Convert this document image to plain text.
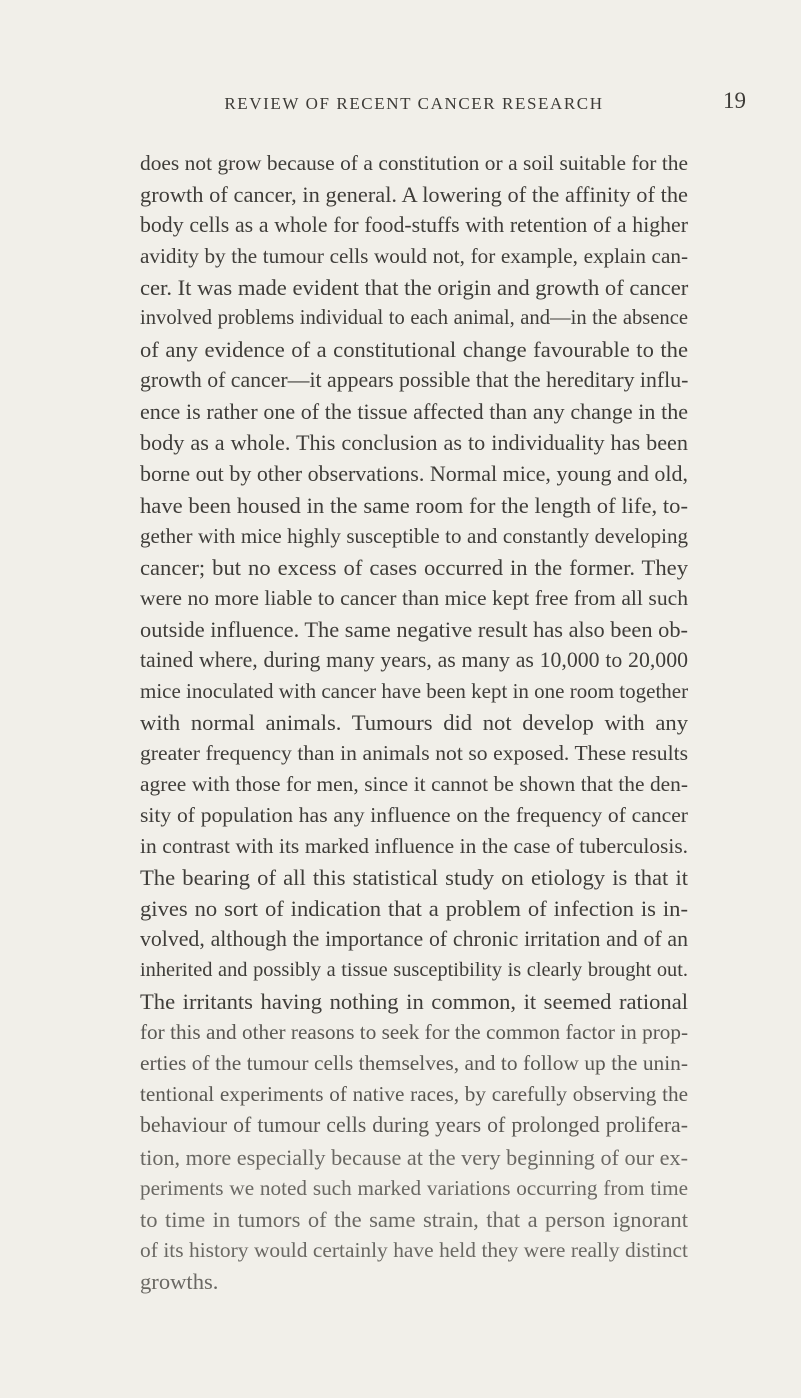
REVIEW OF RECENT CANCER RESEARCH	19
does not grow because of a constitution or a soil suitable for the
growth of cancer, in general. A lowering of the affinity of the
body cells as a whole for food-stuffs with retention of a higher
avidity by the tumour cells would not, for example, explain can-
cer. It was made evident that the origin and growth of cancer
involved problems individual to each animal, and—in the absence
of any evidence of a constitutional change favourable to the
growth of cancer—it appears possible that the hereditary influ-
ence is rather one of the tissue affected than any change in the
body as a whole. This conclusion as to individuality has been
borne out by other observations. Normal mice, young and old,
have been housed in the same room for the length of life, to-
gether with mice highly susceptible to and constantly developing
cancer; but no excess of cases occurred in the former. They
were no more liable to cancer than mice kept free from all such
outside influence. The same negative result has also been ob-
tained where, during many years, as many as 10,000 to 20,000
mice inoculated with cancer have been kept in one room together
with normal animals. Tumours did not develop with any
greater frequency than in animals not so exposed. These results
agree with those for men, since it cannot be shown that the den-
sity of population has any influence on the frequency of cancer
in contrast with its marked influence in the case of tuberculosis.
The bearing of all this statistical study on etiology is that it
gives no sort of indication that a problem of infection is in-
volved, although the importance of chronic irritation and of an
inherited and possibly a tissue susceptibility is clearly brought out.
The irritants having nothing in common, it seemed rational
for this and other reasons to seek for the common factor in prop-
erties of the tumour cells themselves, and to follow up the unin-
tentional experiments of native races, by carefully observing the
behaviour of tumour cells during years of prolonged prolifera-
tion, more especially because at the very beginning of our ex-
periments we noted such marked variations occurring from time
to time in tumors of the same strain, that a person ignorant
of its history would certainly have held they were really distinct
growths.
